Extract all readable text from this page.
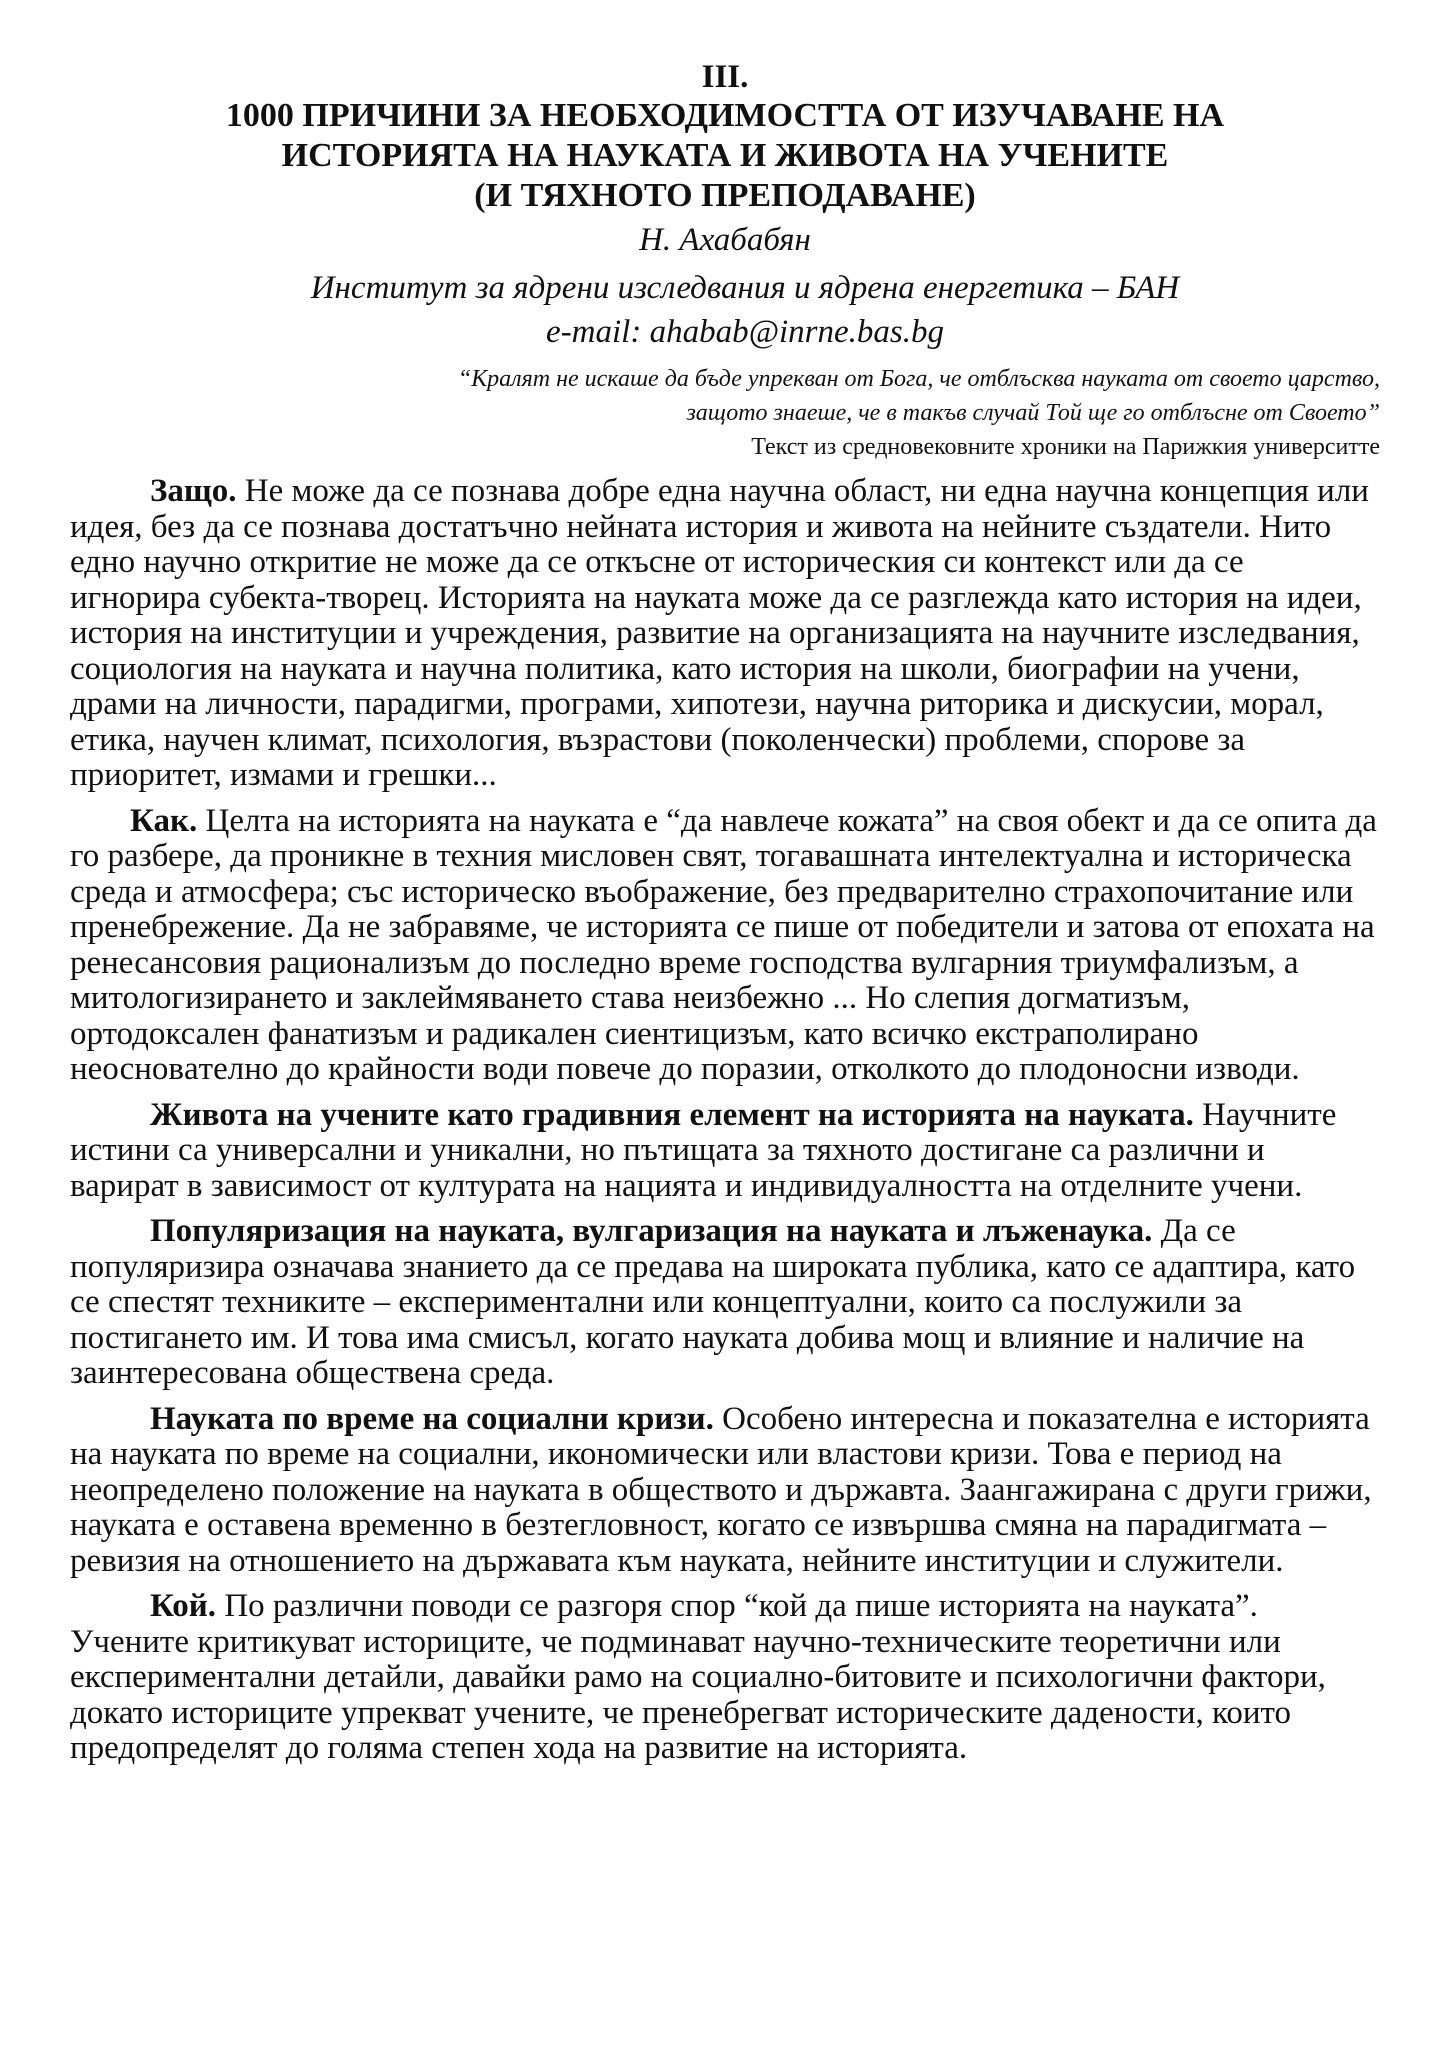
III.

1000 ПРИЧИНИ ЗА НЕОБХОДИМОСТТА ОТ ИЗУЧАВАНЕ НА
ИСТОРИЯТА НА НАУКАТА И ЖИВОТА НА УЧЕНИТЕ
(И ТЯХНОТО ПРЕПОДАВАНЕ)

Н. Ахабабян

Институт за ядрени изследвания и ядрена енергетика – БАН

e-mail: ahabab@inrne.bas.bg

“Кралят не искаше да бъде упрекван от Бога, че отблъсква науката от своето царство,
защото знаеше, че в такъв случай Той ще го отблъсне от Своето”

Текст из средновековните хроники на Парижкия университте

Защо. Не може да се познава добре една научна област, ни една научна концепция или идея, без да се познава достатъчно нейната история и живота на нейните създатели. Нито едно научно откритие не може да се откъсне от историческия си контекст или да се игнорира субекта-творец. Историята на науката може да се разглежда като история на идеи, история на институции и учреждения, развитие на организацията на научните изследвания, социология на науката и научна политика, като история на школи, биографии на учени, драми на личности, парадигми, програми, хипотези, научна риторика и дискусии, морал, етика, научен климат, психология, възрастови (поколенчески) проблеми, спорове за приоритет, измами и грешки...

Как. Целта на историята на науката е “да навлече кожата” на своя обект и да се опита да го разбере, да проникне в техния мисловен свят, тогавашната интелектуална и историческа среда и атмосфера; със историческо въображение, без предварително страхопочитание или пренебрежение. Да не забравяме, че историята се пише от победители и затова от епохата на ренесансовия рационализъм до последно време господства вулгарния триумфализъм, а митологизирането и заклеймяването става неизбежно ... Но слепия догматизъм, ортодоксален фанатизъм и радикален сиентицизъм, като всичко екстраполирано неосновaтелно до крайности води повече до поразии, отколкото до плодоносни изводи.

Живота на учените като градивния елемент на историята на науката. Научните истини са универсални и уникални, но пътищата за тяхното достигане са различни и варират в зависимост от културата на нацията и индивидуалността на отделните учени.

Популяризация на науката, вулгаризация на науката и лъженаука. Да се популяризира означава знанието да се предава на широката публика, като се адаптира, като се спестят техниките – експериментални или концептуални, които са послужили за постигането им. И това има смисъл, когато науката добива мощ и влияние и наличие на заинтересована обществена среда.

Науката по време на социални кризи. Особено интересна и показателна е историята на науката по време на социални, икономически или властови кризи. Това е период на неопределено положение на науката в обществото и държавта. Заангажирана с други грижи, науката е оставена временно в безтегловност, когато се извършва смяна на парадигмата – ревизия на отношението на държавата към науката, нейните институции и служители.

Кой. По различни поводи се разгоря спор “кой да пише историята на науката”. Учените критикуват историците, че подминават научно-техническите теоретични или експериментални детайли, давайки рамо на социално-битовите и психологични фактори, докато историците упрекват учените, че пренебрегват историческите дадености, които предопределят до голяма степен хода на развитие на историята.
